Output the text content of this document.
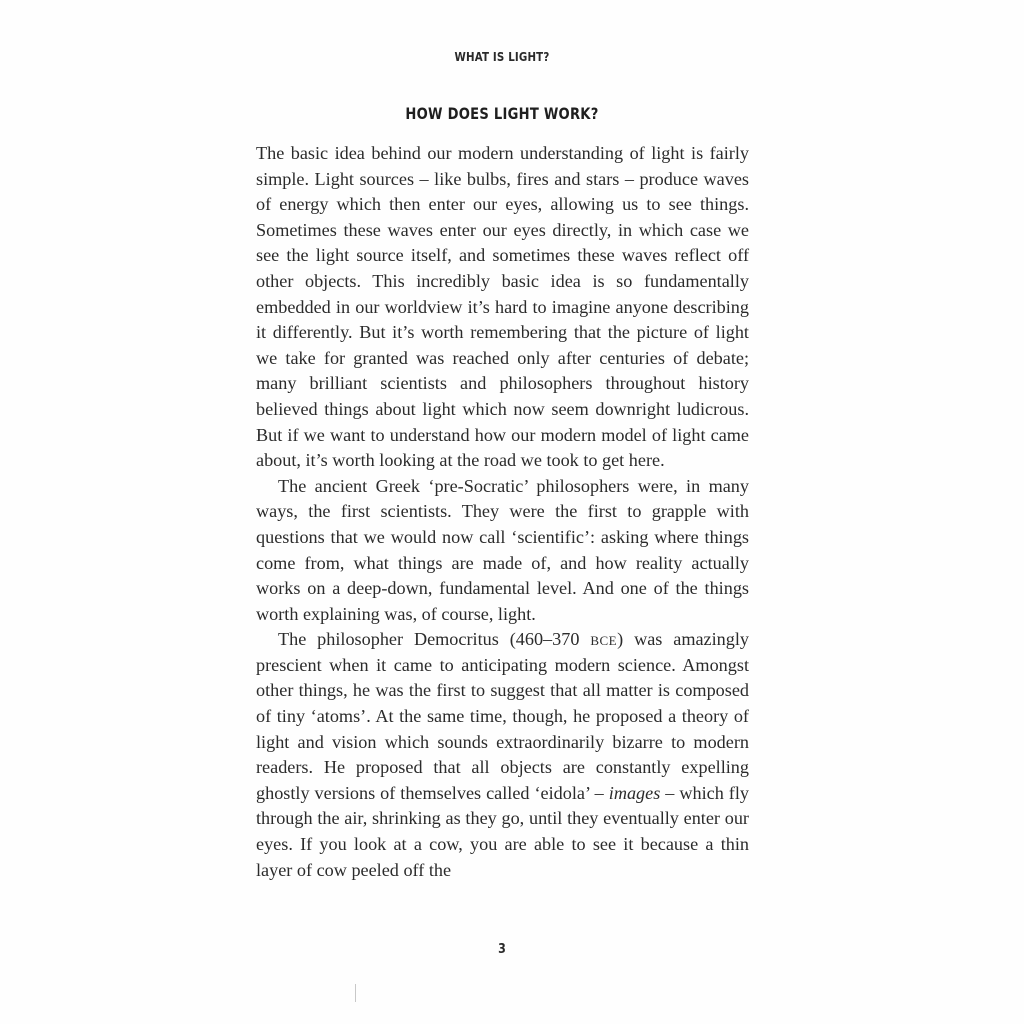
WHAT IS LIGHT?
HOW DOES LIGHT WORK?

The basic idea behind our modern understanding of light is fairly simple. Light sources – like bulbs, fires and stars – produce waves of energy which then enter our eyes, allowing us to see things. Sometimes these waves enter our eyes directly, in which case we see the light source itself, and sometimes these waves reflect off other objects. This incredibly basic idea is so fundamentally embedded in our worldview it’s hard to imagine anyone describing it differently. But it’s worth remembering that the picture of light we take for granted was reached only after centuries of debate; many brilliant scientists and philosophers throughout history believed things about light which now seem downright ludicrous. But if we want to understand how our modern model of light came about, it’s worth looking at the road we took to get here.

The ancient Greek ‘pre-Socratic’ philosophers were, in many ways, the first scientists. They were the first to grapple with questions that we would now call ‘scientific’: asking where things come from, what things are made of, and how reality actually works on a deep-down, fundamental level. And one of the things worth explaining was, of course, light.

The philosopher Democritus (460–370 bce) was amazingly prescient when it came to anticipating modern science. Amongst other things, he was the first to suggest that all matter is composed of tiny ‘atoms’. At the same time, though, he proposed a theory of light and vision which sounds extraordinarily bizarre to modern readers. He proposed that all objects are constantly expelling ghostly versions of themselves called ‘eidola’ – images – which fly through the air, shrinking as they go, until they eventually enter our eyes. If you look at a cow, you are able to see it because a thin layer of cow peeled off the

3
